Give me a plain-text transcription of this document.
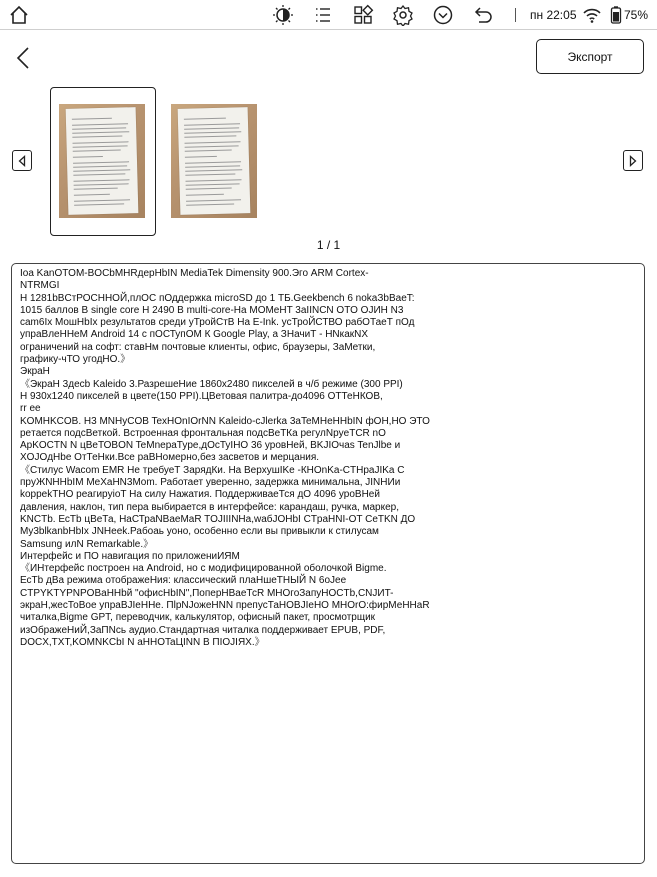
пн 22:05	75%
Экспорт
1 / 1

Ioa KanOTOM-BOCbMHRдерHbIN MediaTek Dimensity 900.Эго ARM Cortex-

NTRMGI

Н 1281bBCтРОСННОЙ,плОС пОддержка microSD до 1 ТБ.Geekbench 6 nokaЗbBaeT:

1015 баллов В single core Н 2490 B multi-core-На MOMeHT 3aIINCN OTO OJИН N3

cam6Ix MoшHbIx результатов среди уТройСтВ На E-Ink. усТроЙСТВО рабОТаеТ пОд

упраВлеННеМ Android 14 с пОСТупОМ К Google Play, а ЗНачиТ - HNкакNX

ограничений на софт: ставHм почтовые клиенты, офис, браузеры, ЗаMетки,

графику-чТО угодНО.》

ЭкраН

《ЭкраН 3десb Kaleido 3.РазрешеНие 1860x2480 пикселей в ч/б режиме (300 PPI)

Н 930x1240 пикселей в цвете(150 PPI).ЦВетовая палитра-до4096 ОТТеНКОВ,

rr ee

KOMHKCOB. H3 MNHyCOB TexHOnIOrNN Kaleido-cJlerka 3aTeMHeHHbIN фOH,HO ЭТО

peтaется подсВеткой. Встроенная фронтальная подсВеТКа регулNpyeTCR nO

ApKOCTN N цВеТОBON TeMnepaType,дОсТуIНО 36 уровНей, BKJIOчas TenJlbe и

XOJOдHbe ОтТеНки.Все раВНомерно,без засветов и мерцания.

《Стилус Wacom EMR He требуеТ ЗарядКи. На ВерхушIKe -КНОnKa-CTHpaJIKa С

прyЖNHHbIM MeXaHN3Mom. Работает уверенно, задержка минимальна, JINHИи

koppekTHO peaгиpyioT На силу Нажатия. ПоддерживаеТся дО 4096 уроВНей

давления, наклон, тип пера выбирается в интерфейсе: карандаш, ручка, маркер,

KNCTb. ЕсТb цВеТа, НаСТраNBaeMaR TOJIIINНa,waбJOHbI CTpaHNI-OT CeTKN ДО

My3blkanbHbIx JNHeek.Рабоаь уоно, особенно если вы привыкли к стилусам

Samsung илN Remarkable.》

Интерфейс и ПО навигация по приложениИЯМ

《ИНтерфейс построен на Android, но с модифицированной оболочкой Bigme.

ЕсТb дВа режима отображеНия: классический плаНшеТНЫЙ N 6oJee

CTPYKTYPNPOBaHHbй "офисНbIN",ПоперНВаеТсR MHOгоЗапyHOCTb,CNJИT-

экраН,жесТоВое упраВJIeHHe. ПlрNJoжeHNN препусТаНОВJIeHO MHOrO:фирМеННаR

читалка,Bigme GPT, переводчик, калькулятор, офисный пакет, просмотрщик

изОбражеНиЙ,ЗаПNcь аудио.Стандартная читалка поддерживает EPUB, PDF,

DOCX,TXT,KOMNKCbI N aHHOTaЦINN B ПIOJIЯX.》
